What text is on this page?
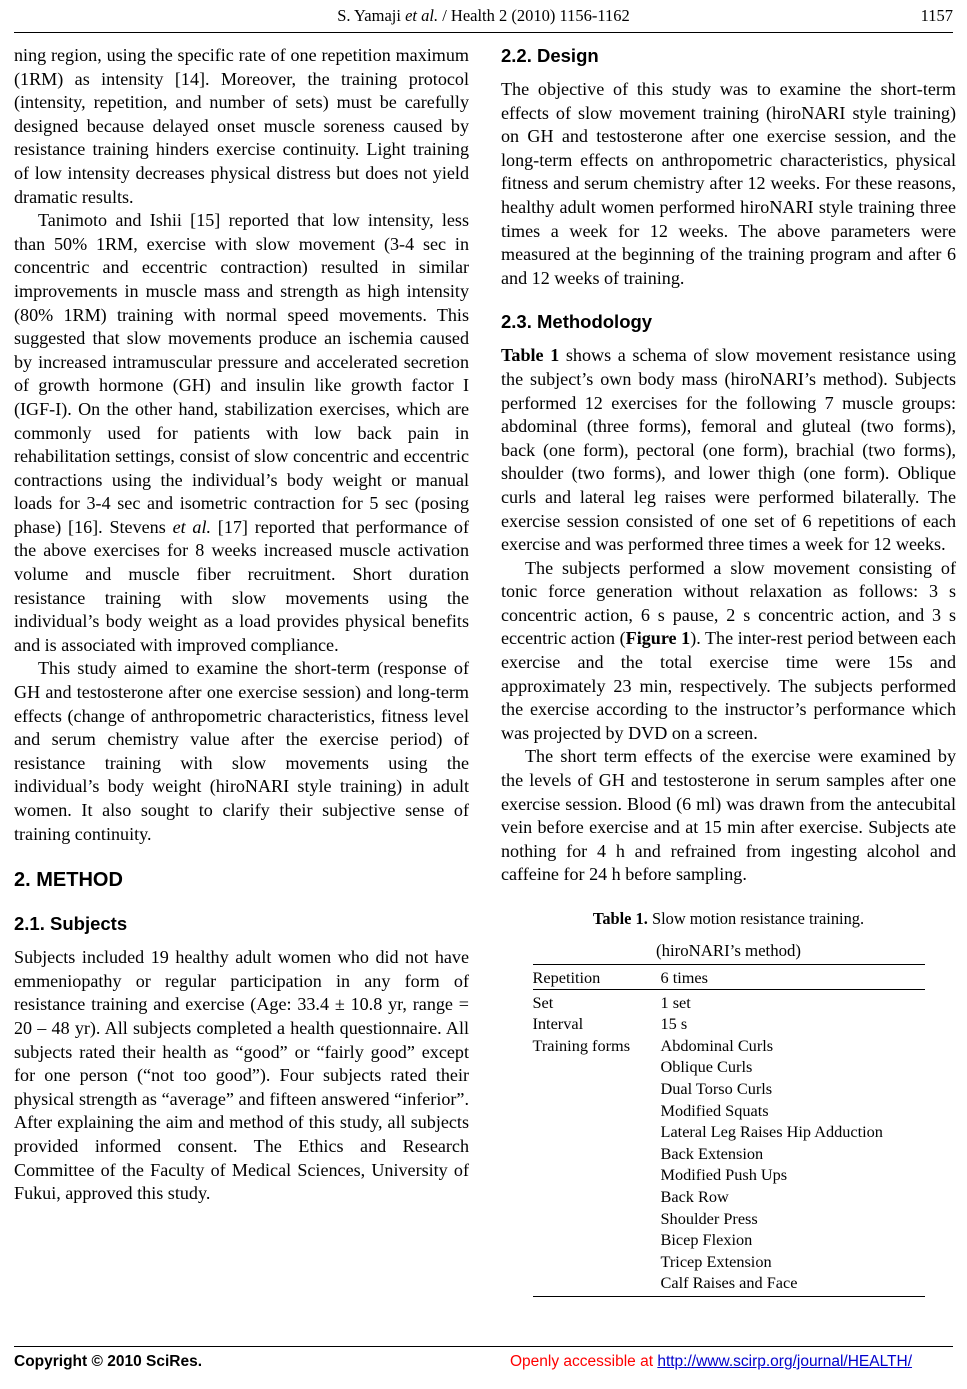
S. Yamaji et al. / Health 2 (2010) 1156-1162	1157

ning region, using the specific rate of one repetition maximum (1RM) as intensity [14]. Moreover, the training protocol (intensity, repetition, and number of sets) must be carefully designed because delayed onset muscle soreness caused by resistance training hinders exercise continuity. Light training of low intensity decreases physical distress but does not yield dramatic results.

Tanimoto and Ishii [15] reported that low intensity, less than 50% 1RM, exercise with slow movement (3-4 sec in concentric and eccentric contraction) resulted in similar improvements in muscle mass and strength as high intensity (80% 1RM) training with normal speed movements. This suggested that slow movements produce an ischemia caused by increased intramuscular pressure and accelerated secretion of growth hormone (GH) and insulin like growth factor I (IGF-I). On the other hand, stabilization exercises, which are commonly used for patients with low back pain in rehabilitation settings, consist of slow concentric and eccentric contractions using the individual’s body weight or manual loads for 3-4 sec and isometric contraction for 5 sec (posing phase) [16]. Stevens et al. [17] reported that performance of the above exercises for 8 weeks increased muscle activation volume and muscle fiber recruitment. Short duration resistance training with slow movements using the individual’s body weight as a load provides physical benefits and is associated with improved compliance.

This study aimed to examine the short-term (response of GH and testosterone after one exercise session) and long-term effects (change of anthropometric characteristics, fitness level and serum chemistry value after the exercise period) of resistance training with slow movements using the individual’s body weight (hiroNARI style training) in adult women. It also sought to clarify their subjective sense of training continuity.

2. METHOD
2.1. Subjects

Subjects included 19 healthy adult women who did not have emmeniopathy or regular participation in any form of resistance training and exercise (Age: 33.4 ± 10.8 yr, range = 20 – 48 yr). All subjects completed a health questionnaire. All subjects rated their health as “good” or “fairly good” except for one person (“not too good”). Four subjects rated their physical strength as “average” and fifteen answered “inferior”. After explaining the aim and method of this study, all subjects provided informed consent. The Ethics and Research Committee of the Faculty of Medical Sciences, University of Fukui, approved this study.

2.2. Design

The objective of this study was to examine the short-term effects of slow movement training (hiroNARI style training) on GH and testosterone after one exercise session, and the long-term effects on anthropometric characteristics, physical fitness and serum chemistry after 12 weeks. For these reasons, healthy adult women performed hiroNARI style training three times a week for 12 weeks. The above parameters were measured at the beginning of the training program and after 6 and 12 weeks of training.

2.3. Methodology

Table 1 shows a schema of slow movement resistance using the subject’s own body mass (hiroNARI’s method). Subjects performed 12 exercises for the following 7 muscle groups: abdominal (three forms), femoral and gluteal (two forms), back (one form), pectoral (one form), brachial (two forms), shoulder (two forms), and lower thigh (one form). Oblique curls and lateral leg raises were performed bilaterally. The exercise session consisted of one set of 6 repetitions of each exercise and was performed three times a week for 12 weeks.

The subjects performed a slow movement consisting of tonic force generation without relaxation as follows: 3 s concentric action, 6 s pause, 2 s concentric action, and 3 s eccentric action (Figure 1). The inter-rest period between each exercise and the total exercise time were 15s and approximately 23 min, respectively. The subjects performed the exercise according to the instructor’s performance which was projected by DVD on a screen.

The short term effects of the exercise were examined by the levels of GH and testosterone in serum samples after one exercise session. Blood (6 ml) was drawn from the antecubital vein before exercise and at 15 min after exercise. Subjects ate nothing for 4 h and refrained from ingesting alcohol and caffeine for 24 h before sampling.

Table 1. Slow motion resistance training.
(hiroNARI’s method)
Repetition	6 times
Set	1 set
Interval	15 s
Training forms	Abdominal Curls
	Oblique Curls
	Dual Torso Curls
	Modified Squats
	Lateral Leg Raises Hip Adduction
	Back Extension
	Modified Push Ups
	Back Row
	Shoulder Press
	Bicep Flexion
	Tricep Extension
	Calf Raises and Face
Copyright © 2010 SciRes.	Openly accessible at http://www.scirp.org/journal/HEALTH/
